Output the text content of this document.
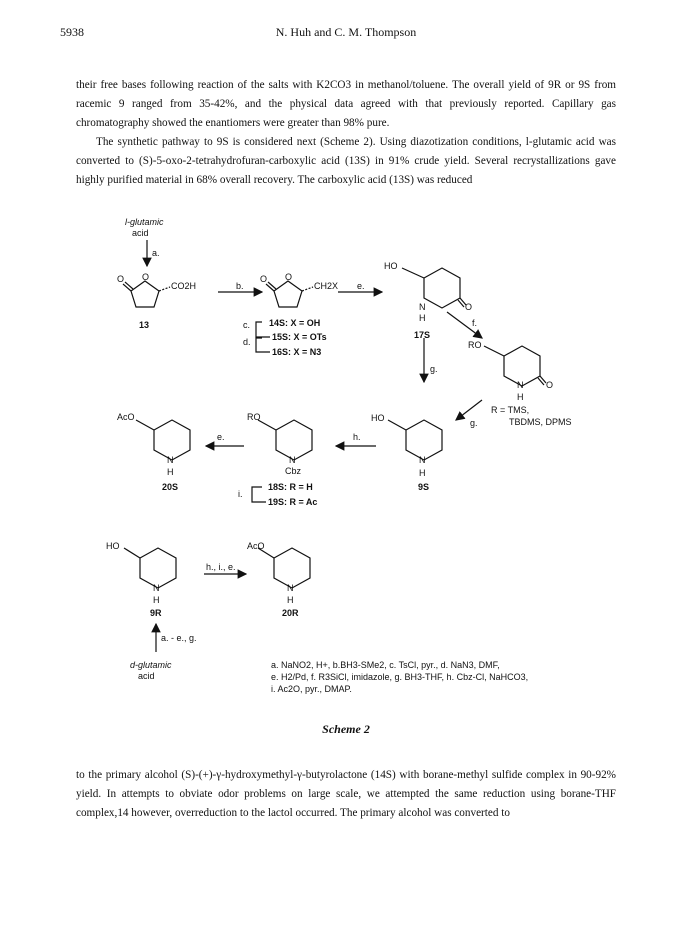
5938	N. Huh and C. M. Thompson

their free bases following reaction of the salts with K2CO3 in methanol/toluene. The overall yield of 9R or 9S from racemic 9 ranged from 35-42%, and the physical data agreed with that previously reported. Capillary gas chromatography showed the enantiomers were greater than 98% pure.

The synthetic pathway to 9S is considered next (Scheme 2). Using diazotization conditions, l-glutamic acid was converted to (S)-5-oxo-2-tetrahydrofuran-carboxylic acid (13S) in 91% crude yield. Several recrystallizations gave highly purified material in 68% overall recovery. The carboxylic acid (13S) was reduced

l-glutamic
acid
a.
O O
CO2H
13
b.
O O
CH2X e.
c.
d.
14S: X = OH
15S: X = OTs
16S: X = N3
HO
N
H
O
17S
f.
g.
RO
N
H
O
R = TMS,
TBDMS, DPMS
g.
HO
N
H
9S
h.
RO
N
Cbz
i.
18S: R = H
19S: R = Ac
e.
AcO
N
H
20S
HO
N
H
9R
h., i., e.
AcO
N
H
20R
a. - e., g.
d-glutamic
acid
a. NaNO2, H+, b.BH3-SMe2, c. TsCl, pyr., d. NaN3, DMF,
e. H2/Pd, f. R3SiCl, imidazole, g. BH3-THF, h. Cbz-Cl, NaHCO3,
i. Ac2O, pyr., DMAP.
Scheme 2

to the primary alcohol (S)-(+)-γ-hydroxymethyl-γ-butyrolactone (14S) with borane-methyl sulfide complex in 90-92% yield. In attempts to obviate odor problems on large scale, we attempted the same reduction using borane-THF complex,14 however, overreduction to the lactol occurred. The primary alcohol was converted to
